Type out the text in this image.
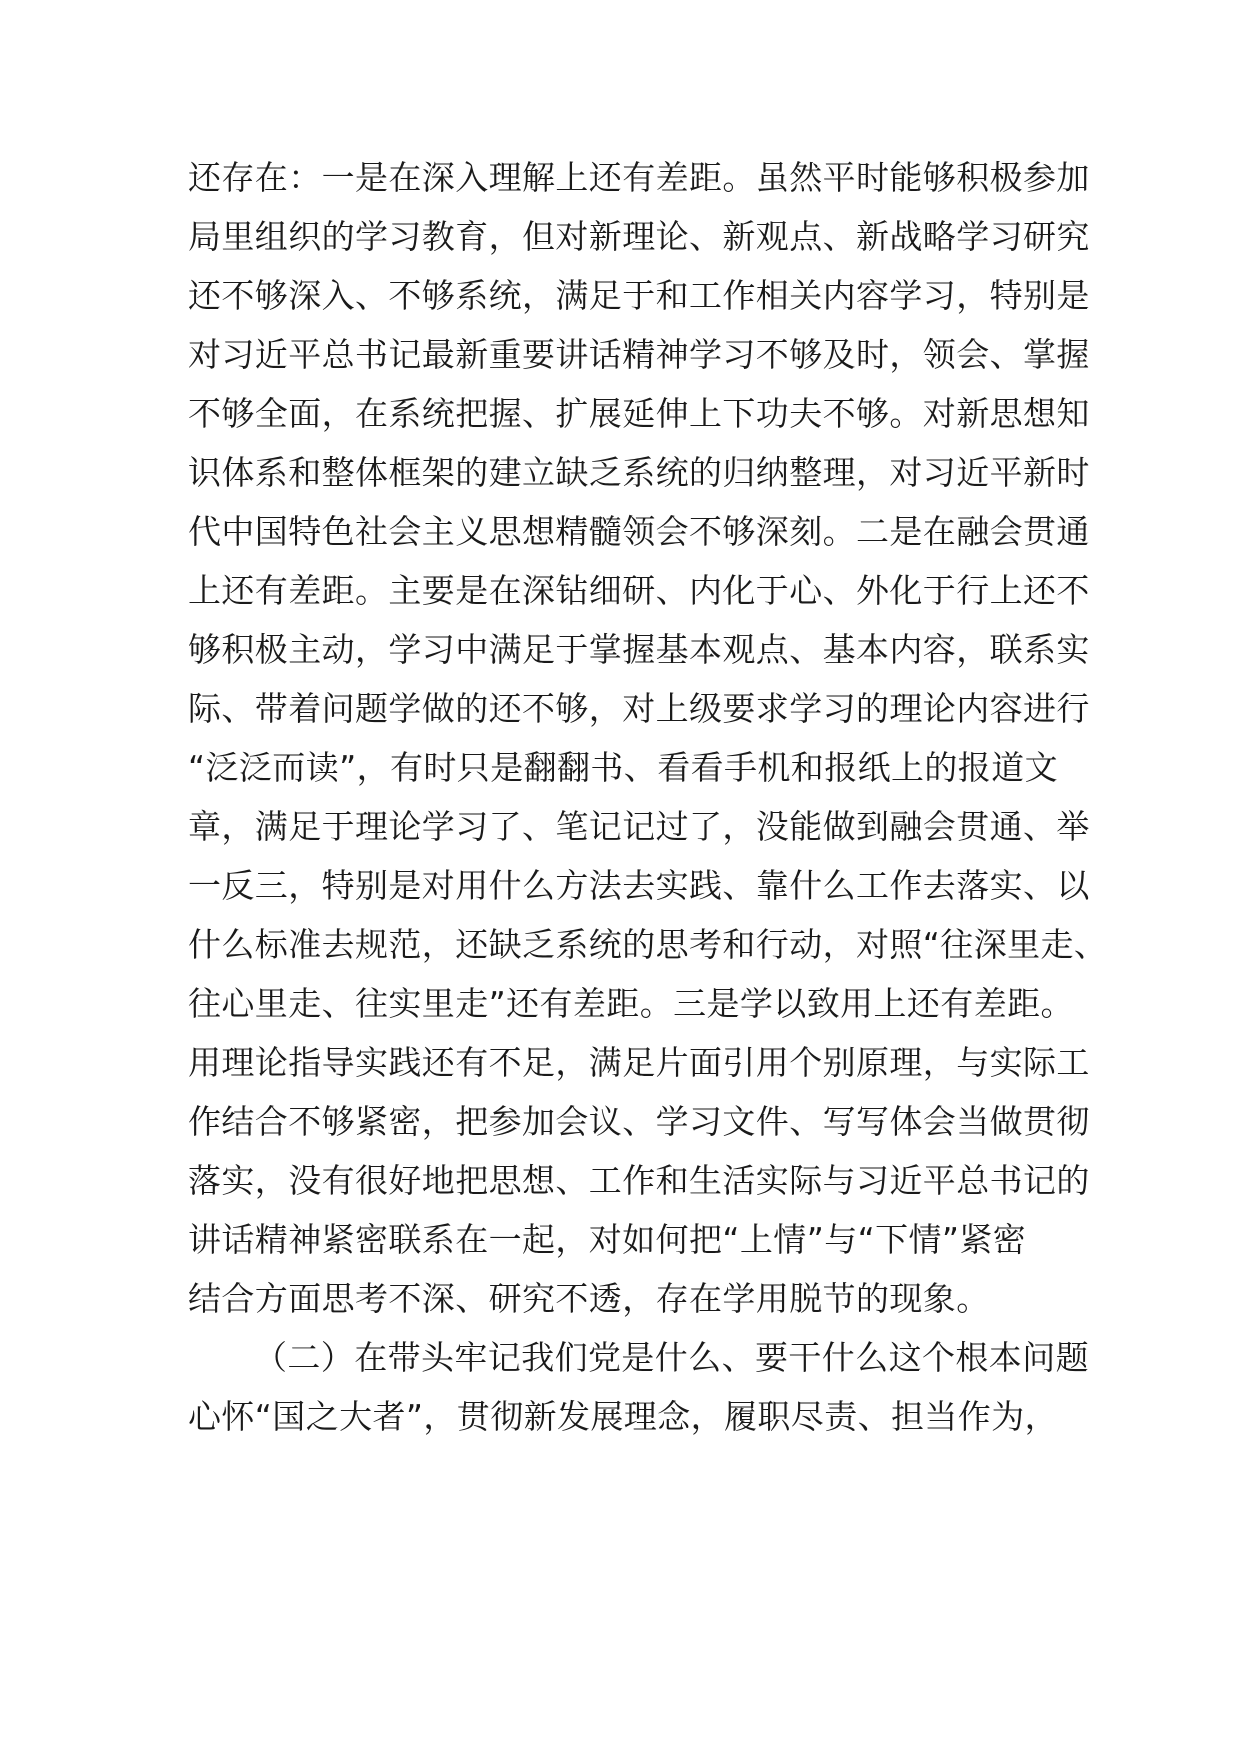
还存在：一是在深入理解上还有差距。虽然平时能够积极参加
局里组织的学习教育，但对新理论、新观点、新战略学习研究
还不够深入、不够系统，满足于和工作相关内容学习，特别是
对习近平总书记最新重要讲话精神学习不够及时，领会、掌握
不够全面，在系统把握、扩展延伸上下功夫不够。对新思想知
识体系和整体框架的建立缺乏系统的归纳整理，对习近平新时
代中国特色社会主义思想精髓领会不够深刻。二是在融会贯通
上还有差距。主要是在深钻细研、内化于心、外化于行上还不
够积极主动，学习中满足于掌握基本观点、基本内容，联系实
际、带着问题学做的还不够，对上级要求学习的理论内容进行
“泛泛而读”，有时只是翻翻书、看看手机和报纸上的报道文
章，满足于理论学习了、笔记记过了，没能做到融会贯通、举
一反三，特别是对用什么方法去实践、靠什么工作去落实、以
什么标准去规范，还缺乏系统的思考和行动，对照“往深里走、
往心里走、往实里走”还有差距。三是学以致用上还有差距。
用理论指导实践还有不足，满足片面引用个别原理，与实际工
作结合不够紧密，把参加会议、学习文件、写写体会当做贯彻
落实，没有很好地把思想、工作和生活实际与习近平总书记的
讲话精神紧密联系在一起，对如何把“上情”与“下情”紧密
结合方面思考不深、研究不透，存在学用脱节的现象。
（二）在带头牢记我们党是什么、要干什么这个根本问题
心怀“国之大者”，贯彻新发展理念，履职尽责、担当作为，
